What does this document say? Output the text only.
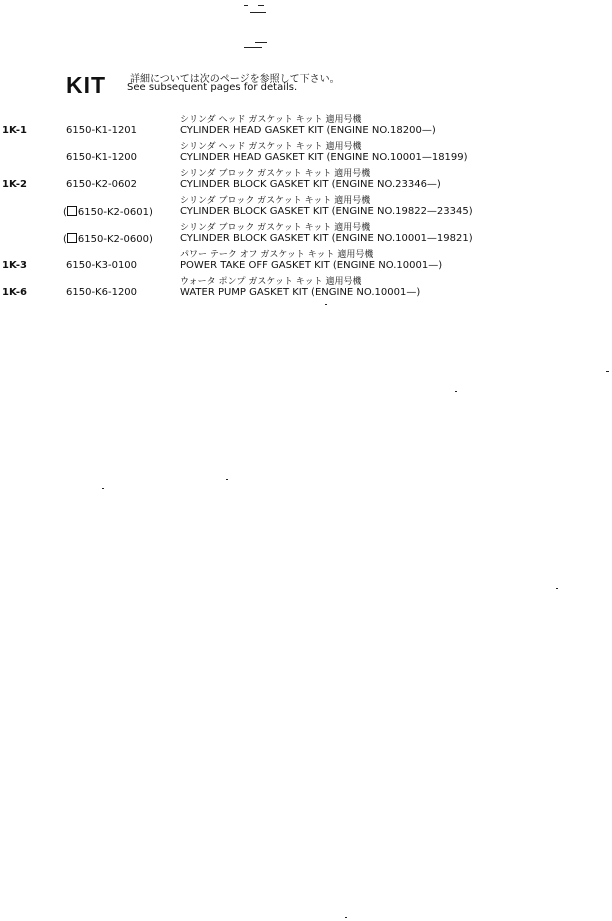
KIT 詳細については次のページを参照して下さい。
See subsequent pages for details.
シリンダ ヘッド ガスケット キット 適用号機
1K-1	6150-K1-1201	CYLINDER HEAD GASKET KIT (ENGINE NO.18200—)
シリンダ ヘッド ガスケット キット 適用号機
6150-K1-1200	CYLINDER HEAD GASKET KIT (ENGINE NO.10001—18199)
シリンダ ブロック ガスケット キット 適用号機
1K-2	6150-K2-0602	CYLINDER BLOCK GASKET KIT (ENGINE NO.23346—)
シリンダ ブロック ガスケット キット 適用号機
( 6150-K2-0601)	CYLINDER BLOCK GASKET KIT (ENGINE NO.19822—23345)
シリンダ ブロック ガスケット キット 適用号機
( 6150-K2-0600)	CYLINDER BLOCK GASKET KIT (ENGINE NO.10001—19821)
パワー テーク オフ ガスケット キット 適用号機
1K-3	6150-K3-0100	POWER TAKE OFF GASKET KIT (ENGINE NO.10001—)
ウォータ ポンプ ガスケット キット 適用号機
1K-6	6150-K6-1200	WATER PUMP GASKET KIT (ENGINE NO.10001—)
